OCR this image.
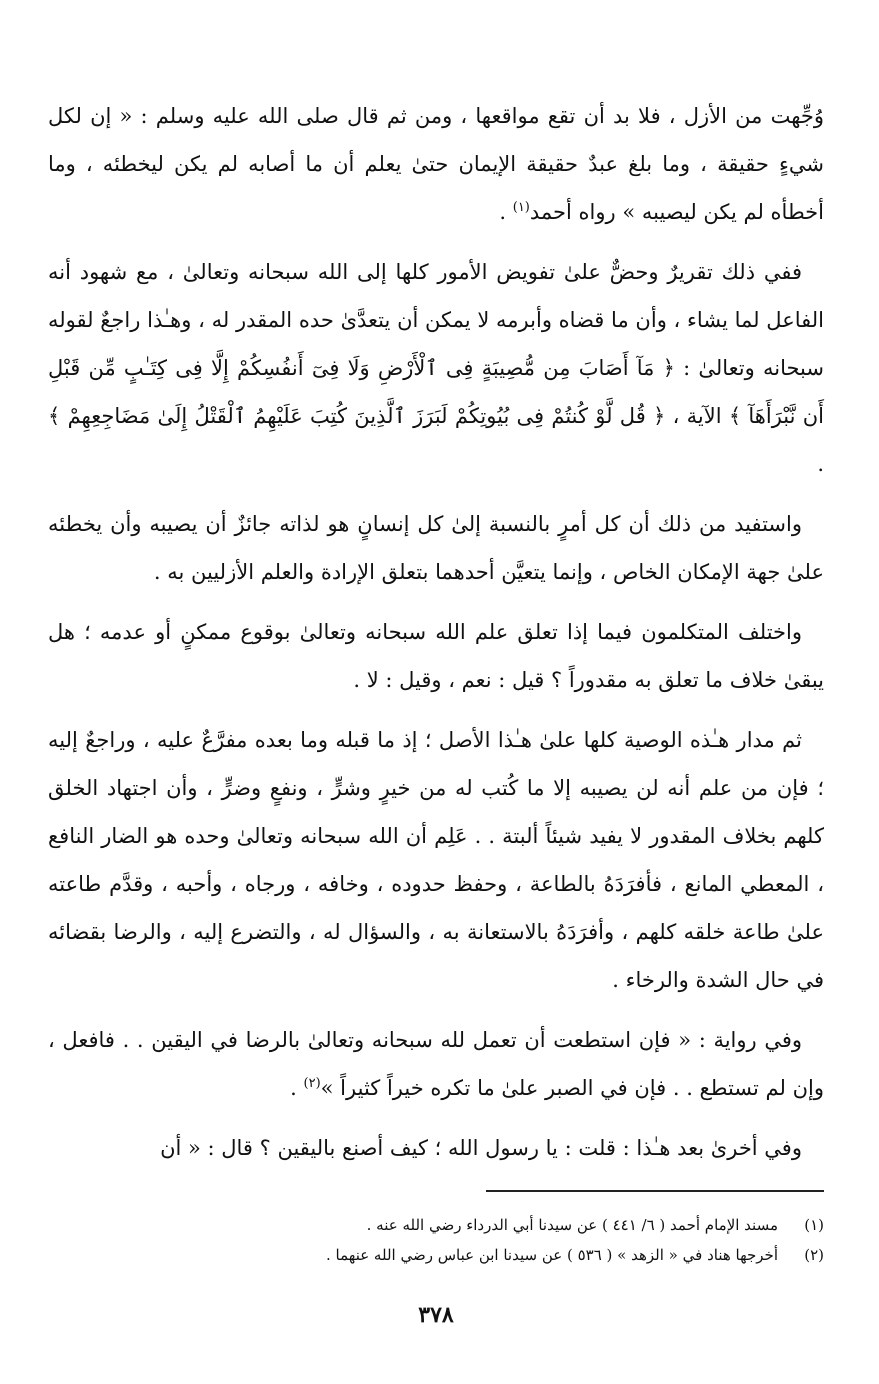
وُجِّهت من الأزل ، فلا بد أن تقع مواقعها ، ومن ثم قال صلى الله عليه وسلم : « إن لكل شيءٍ حقيقة ، وما بلغ عبدٌ حقيقة الإيمان حتىٰ يعلم أن ما أصابه لم يكن ليخطئه ، وما أخطأه لم يكن ليصيبه » رواه أحمد$^{(١)}$ .

ففي ذلك تقريرٌ وحضٌّ علىٰ تفويض الأمور كلها إلى الله سبحانه وتعالىٰ ، مع شهود أنه الفاعل لما يشاء ، وأن ما قضاه وأبرمه لا يمكن أن يتعدَّىٰ حده المقدر له ، وهـٰذا راجعٌ لقوله سبحانه وتعالىٰ : ﴿ مَآ أَصَابَ مِن مُّصِيبَةٍ فِى ٱلْأَرْضِ وَلَا فِىٓ أَنفُسِكُمْ إِلَّا فِى كِتَـٰبٍ مِّن قَبْلِ أَن نَّبْرَأَهَآ ﴾ الآية ، ﴿ قُل لَّوْ كُنتُمْ فِى بُيُوتِكُمْ لَبَرَزَ ٱلَّذِينَ كُتِبَ عَلَيْهِمُ ٱلْقَتْلُ إِلَىٰ مَضَاجِعِهِمْ ﴾ .

واستفيد من ذلك أن كل أمرٍ بالنسبة إلىٰ كل إنسانٍ هو لذاته جائزٌ أن يصيبه وأن يخطئه علىٰ جهة الإمكان الخاص ، وإنما يتعيَّن أحدهما بتعلق الإرادة والعلم الأزليين به .

واختلف المتكلمون فيما إذا تعلق علم الله سبحانه وتعالىٰ بوقوع ممكنٍ أو عدمه ؛ هل يبقىٰ خلاف ما تعلق به مقدوراً ؟ قيل : نعم ، وقيل : لا .

ثم مدار هـٰذه الوصية كلها علىٰ هـٰذا الأصل ؛ إذ ما قبله وما بعده مفرَّعٌ عليه ، وراجعٌ إليه ؛ فإن من علم أنه لن يصيبه إلا ما كُتب له من خيرٍ وشرٍّ ، ونفعٍ وضرٍّ ، وأن اجتهاد الخلق كلهم بخلاف المقدور لا يفيد شيئاً ألبتة . . عَلِم أن الله سبحانه وتعالىٰ وحده هو الضار النافع ، المعطي المانع ، فأفرَدَهُ بالطاعة ، وحفظ حدوده ، وخافه ، ورجاه ، وأحبه ، وقدَّم طاعته علىٰ طاعة خلقه كلهم ، وأفرَدَهُ بالاستعانة به ، والسؤال له ، والتضرع إليه ، والرضا بقضائه في حال الشدة والرخاء .

وفي رواية : « فإن استطعت أن تعمل لله سبحانه وتعالىٰ بالرضا في اليقين . . فافعل ، وإن لم تستطع . . فإن في الصبر علىٰ ما تكره خيراً كثيراً »$^{(٢)}$ .

وفي أخرىٰ بعد هـٰذا : قلت : يا رسول الله ؛ كيف أصنع باليقين ؟ قال : « أن

(١)
مسند الإمام أحمد ( ٦/ ٤٤١ ) عن سيدنا أبي الدرداء رضي الله عنه .
(٢)
أخرجها هناد في « الزهد » ( ٥٣٦ ) عن سيدنا ابن عباس رضي الله عنهما .
٣٧٨
